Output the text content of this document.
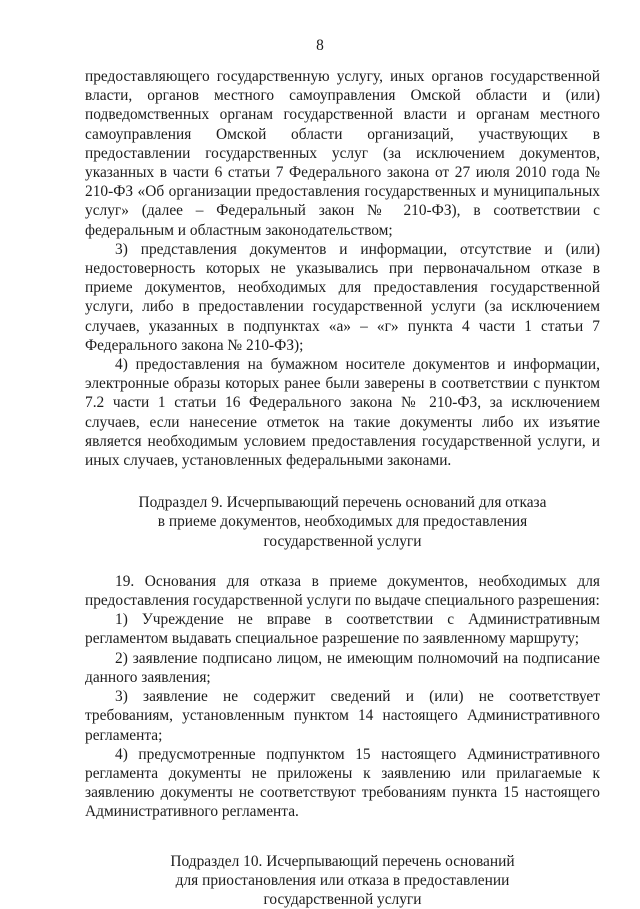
8

предоставляющего государственную услугу, иных органов государственной власти, органов местного самоуправления Омской области и (или) подведомственных органам государственной власти и органам местного самоуправления Омской области организаций, участвующих в предоставлении государственных услуг (за исключением документов, указанных в части 6 статьи 7 Федерального закона от 27 июля 2010 года № 210-ФЗ «Об организации предоставления государственных и муниципальных услуг» (далее – Федеральный закон № 210-ФЗ), в соответствии с федеральным и областным законодательством;

3) представления документов и информации, отсутствие и (или) недостоверность которых не указывались при первоначальном отказе в приеме документов, необходимых для предоставления государственной услуги, либо в предоставлении государственной услуги (за исключением случаев, указанных в подпунктах «а» – «г» пункта 4 части 1 статьи 7 Федерального закона № 210-ФЗ);

4) предоставления на бумажном носителе документов и информации, электронные образы которых ранее были заверены в соответствии с пунктом 7.2 части 1 статьи 16 Федерального закона № 210-ФЗ, за исключением случаев, если нанесение отметок на такие документы либо их изъятие является необходимым условием предоставления государственной услуги, и иных случаев, установленных федеральными законами.

Подраздел 9. Исчерпывающий перечень оснований для отказа
в приеме документов, необходимых для предоставления
государственной услуги

19. Основания для отказа в приеме документов, необходимых для предоставления государственной услуги по выдаче специального разрешения:

1) Учреждение не вправе в соответствии с Административным регламентом выдавать специальное разрешение по заявленному маршруту;

2) заявление подписано лицом, не имеющим полномочий на подписание данного заявления;

3) заявление не содержит сведений и (или) не соответствует требованиям, установленным пунктом 14 настоящего Административного регламента;

4) предусмотренные подпунктом 15 настоящего Административного регламента документы не приложены к заявлению или прилагаемые к заявлению документы не соответствуют требованиям пункта 15 настоящего Административного регламента.

Подраздел 10. Исчерпывающий перечень оснований
для приостановления или отказа в предоставлении
государственной услуги
